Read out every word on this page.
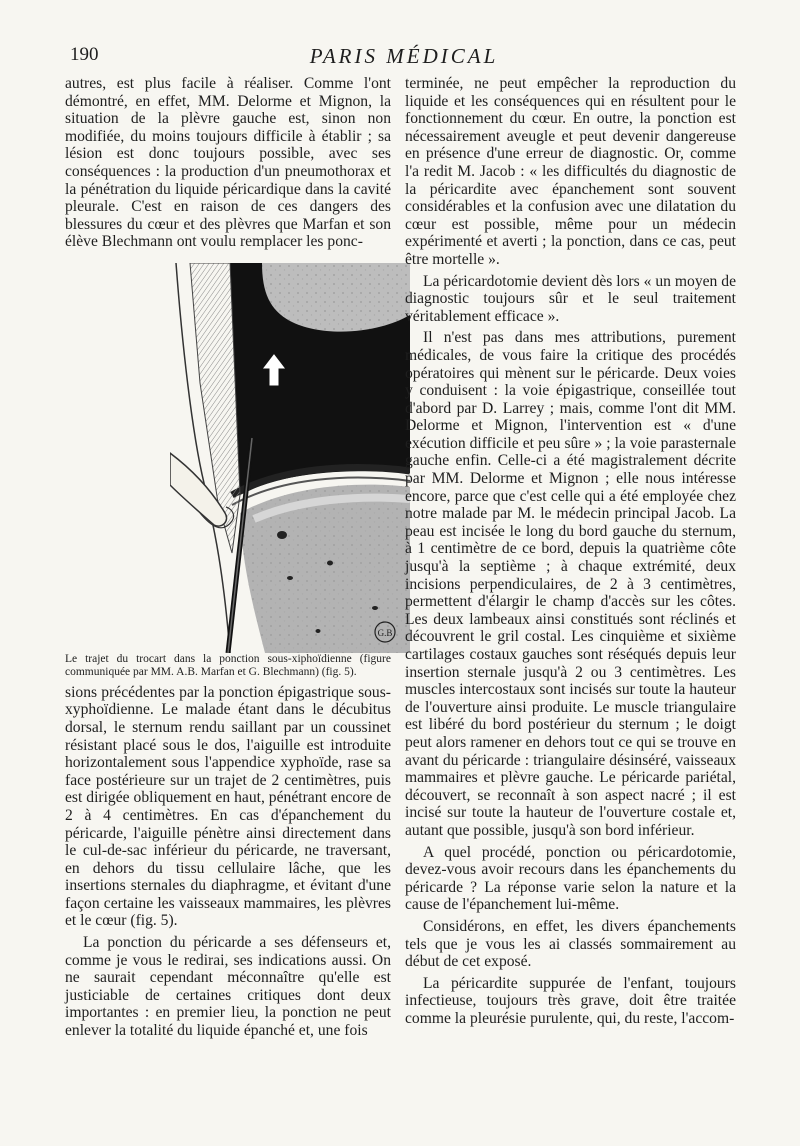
190	PARIS MÉDICAL

autres, est plus facile à réaliser. Comme l'ont démontré, en effet, MM. Delorme et Mignon, la situation de la plèvre gauche est, sinon non modifiée, du moins toujours difficile à établir ; sa lésion est donc toujours possible, avec ses conséquences : la production d'un pneumothorax et la pénétration du liquide péricardique dans la cavité pleurale. C'est en raison de ces dangers des blessures du cœur et des plèvres que Marfan et son élève Blechmann ont voulu remplacer les ponc-

G.B

Le trajet du trocart dans la ponction sous-xiphoïdienne (figure communiquée par MM. A.B. Marfan et G. Blechmann) (fig. 5).

sions précédentes par la ponction épigastrique sous-xyphoïdienne. Le malade étant dans le décubitus dorsal, le sternum rendu saillant par un coussinet résistant placé sous le dos, l'aiguille est introduite horizontalement sous l'appendice xyphoïde, rase sa face postérieure sur un trajet de 2 centimètres, puis est dirigée obliquement en haut, pénétrant encore de 2 à 4 centimètres. En cas d'épanchement du péricarde, l'aiguille pénètre ainsi directement dans le cul-de-sac inférieur du péricarde, ne traversant, en dehors du tissu cellulaire lâche, que les insertions sternales du diaphragme, et évitant d'une façon certaine les vaisseaux mammaires, les plèvres et le cœur (fig. 5).

La ponction du péricarde a ses défenseurs et, comme je vous le redirai, ses indications aussi. On ne saurait cependant méconnaître qu'elle est justiciable de certaines critiques dont deux importantes : en premier lieu, la ponction ne peut enlever la totalité du liquide épanché et, une fois

terminée, ne peut empêcher la reproduction du liquide et les conséquences qui en résultent pour le fonctionnement du cœur. En outre, la ponction est nécessairement aveugle et peut devenir dangereuse en présence d'une erreur de diagnostic. Or, comme l'a redit M. Jacob : « les difficultés du diagnostic de la péricardite avec épanchement sont souvent considérables et la confusion avec une dilatation du cœur est possible, même pour un médecin expérimenté et averti ; la ponction, dans ce cas, peut être mortelle ».

La péricardotomie devient dès lors « un moyen de diagnostic toujours sûr et le seul traitement véritablement efficace ».

Il n'est pas dans mes attributions, purement médicales, de vous faire la critique des procédés opératoires qui mènent sur le péricarde. Deux voies y conduisent : la voie épigastrique, conseillée tout d'abord par D. Larrey ; mais, comme l'ont dit MM. Delorme et Mignon, l'intervention est « d'une exécution difficile et peu sûre » ; la voie parasternale gauche enfin. Celle-ci a été magistralement décrite par MM. Delorme et Mignon ; elle nous intéresse encore, parce que c'est celle qui a été employée chez notre malade par M. le médecin principal Jacob. La peau est incisée le long du bord gauche du sternum, à 1 centimètre de ce bord, depuis la quatrième côte jusqu'à la septième ; à chaque extrémité, deux incisions perpendiculaires, de 2 à 3 centimètres, permettent d'élargir le champ d'accès sur les côtes. Les deux lambeaux ainsi constitués sont réclinés et découvrent le gril costal. Les cinquième et sixième cartilages costaux gauches sont réséqués depuis leur insertion sternale jusqu'à 2 ou 3 centimètres. Les muscles intercostaux sont incisés sur toute la hauteur de l'ouverture ainsi produite. Le muscle triangulaire est libéré du bord postérieur du sternum ; le doigt peut alors ramener en dehors tout ce qui se trouve en avant du péricarde : triangulaire désinséré, vaisseaux mammaires et plèvre gauche. Le péricarde pariétal, découvert, se reconnaît à son aspect nacré ; il est incisé sur toute la hauteur de l'ouverture costale et, autant que possible, jusqu'à son bord inférieur.

A quel procédé, ponction ou péricardotomie, devez-vous avoir recours dans les épanchements du péricarde ? La réponse varie selon la nature et la cause de l'épanchement lui-même.

Considérons, en effet, les divers épanchements tels que je vous les ai classés sommairement au début de cet exposé.

La péricardite suppurée de l'enfant, toujours infectieuse, toujours très grave, doit être traitée comme la pleurésie purulente, qui, du reste, l'accom-
